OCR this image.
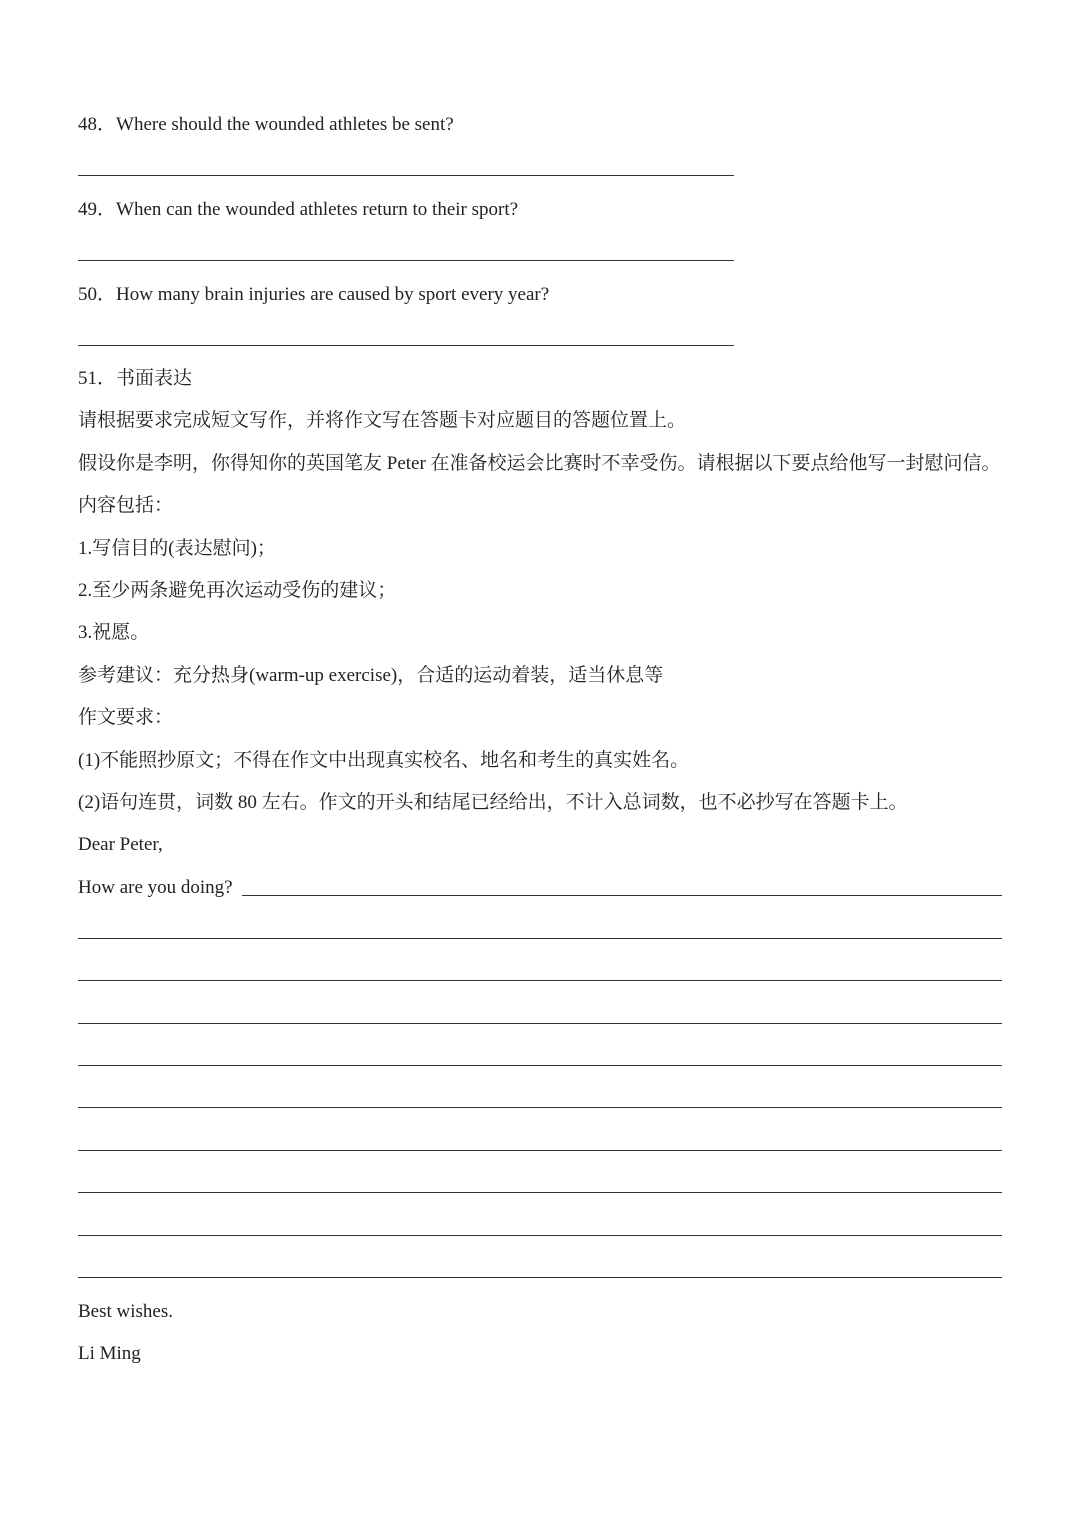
48．Where should the wounded athletes be sent?
49．When can the wounded athletes return to their sport?
50．How many brain injuries are caused by sport every year?
51．书面表达
请根据要求完成短文写作，并将作文写在答题卡对应题目的答题位置上。
假设你是李明，你得知你的英国笔友 Peter 在准备校运会比赛时不幸受伤。请根据以下要点给他写一封慰问信。
内容包括：
1.写信目的(表达慰问)；
2.至少两条避免再次运动受伤的建议；
3.祝愿。
参考建议：充分热身(warm-up exercise)，合适的运动着装，适当休息等
作文要求：
(1)不能照抄原文；不得在作文中出现真实校名、地名和考生的真实姓名。
(2)语句连贯，词数 80 左右。作文的开头和结尾已经给出，不计入总词数，也不必抄写在答题卡上。
Dear Peter,
How are you doing?
Best wishes.
Li Ming
